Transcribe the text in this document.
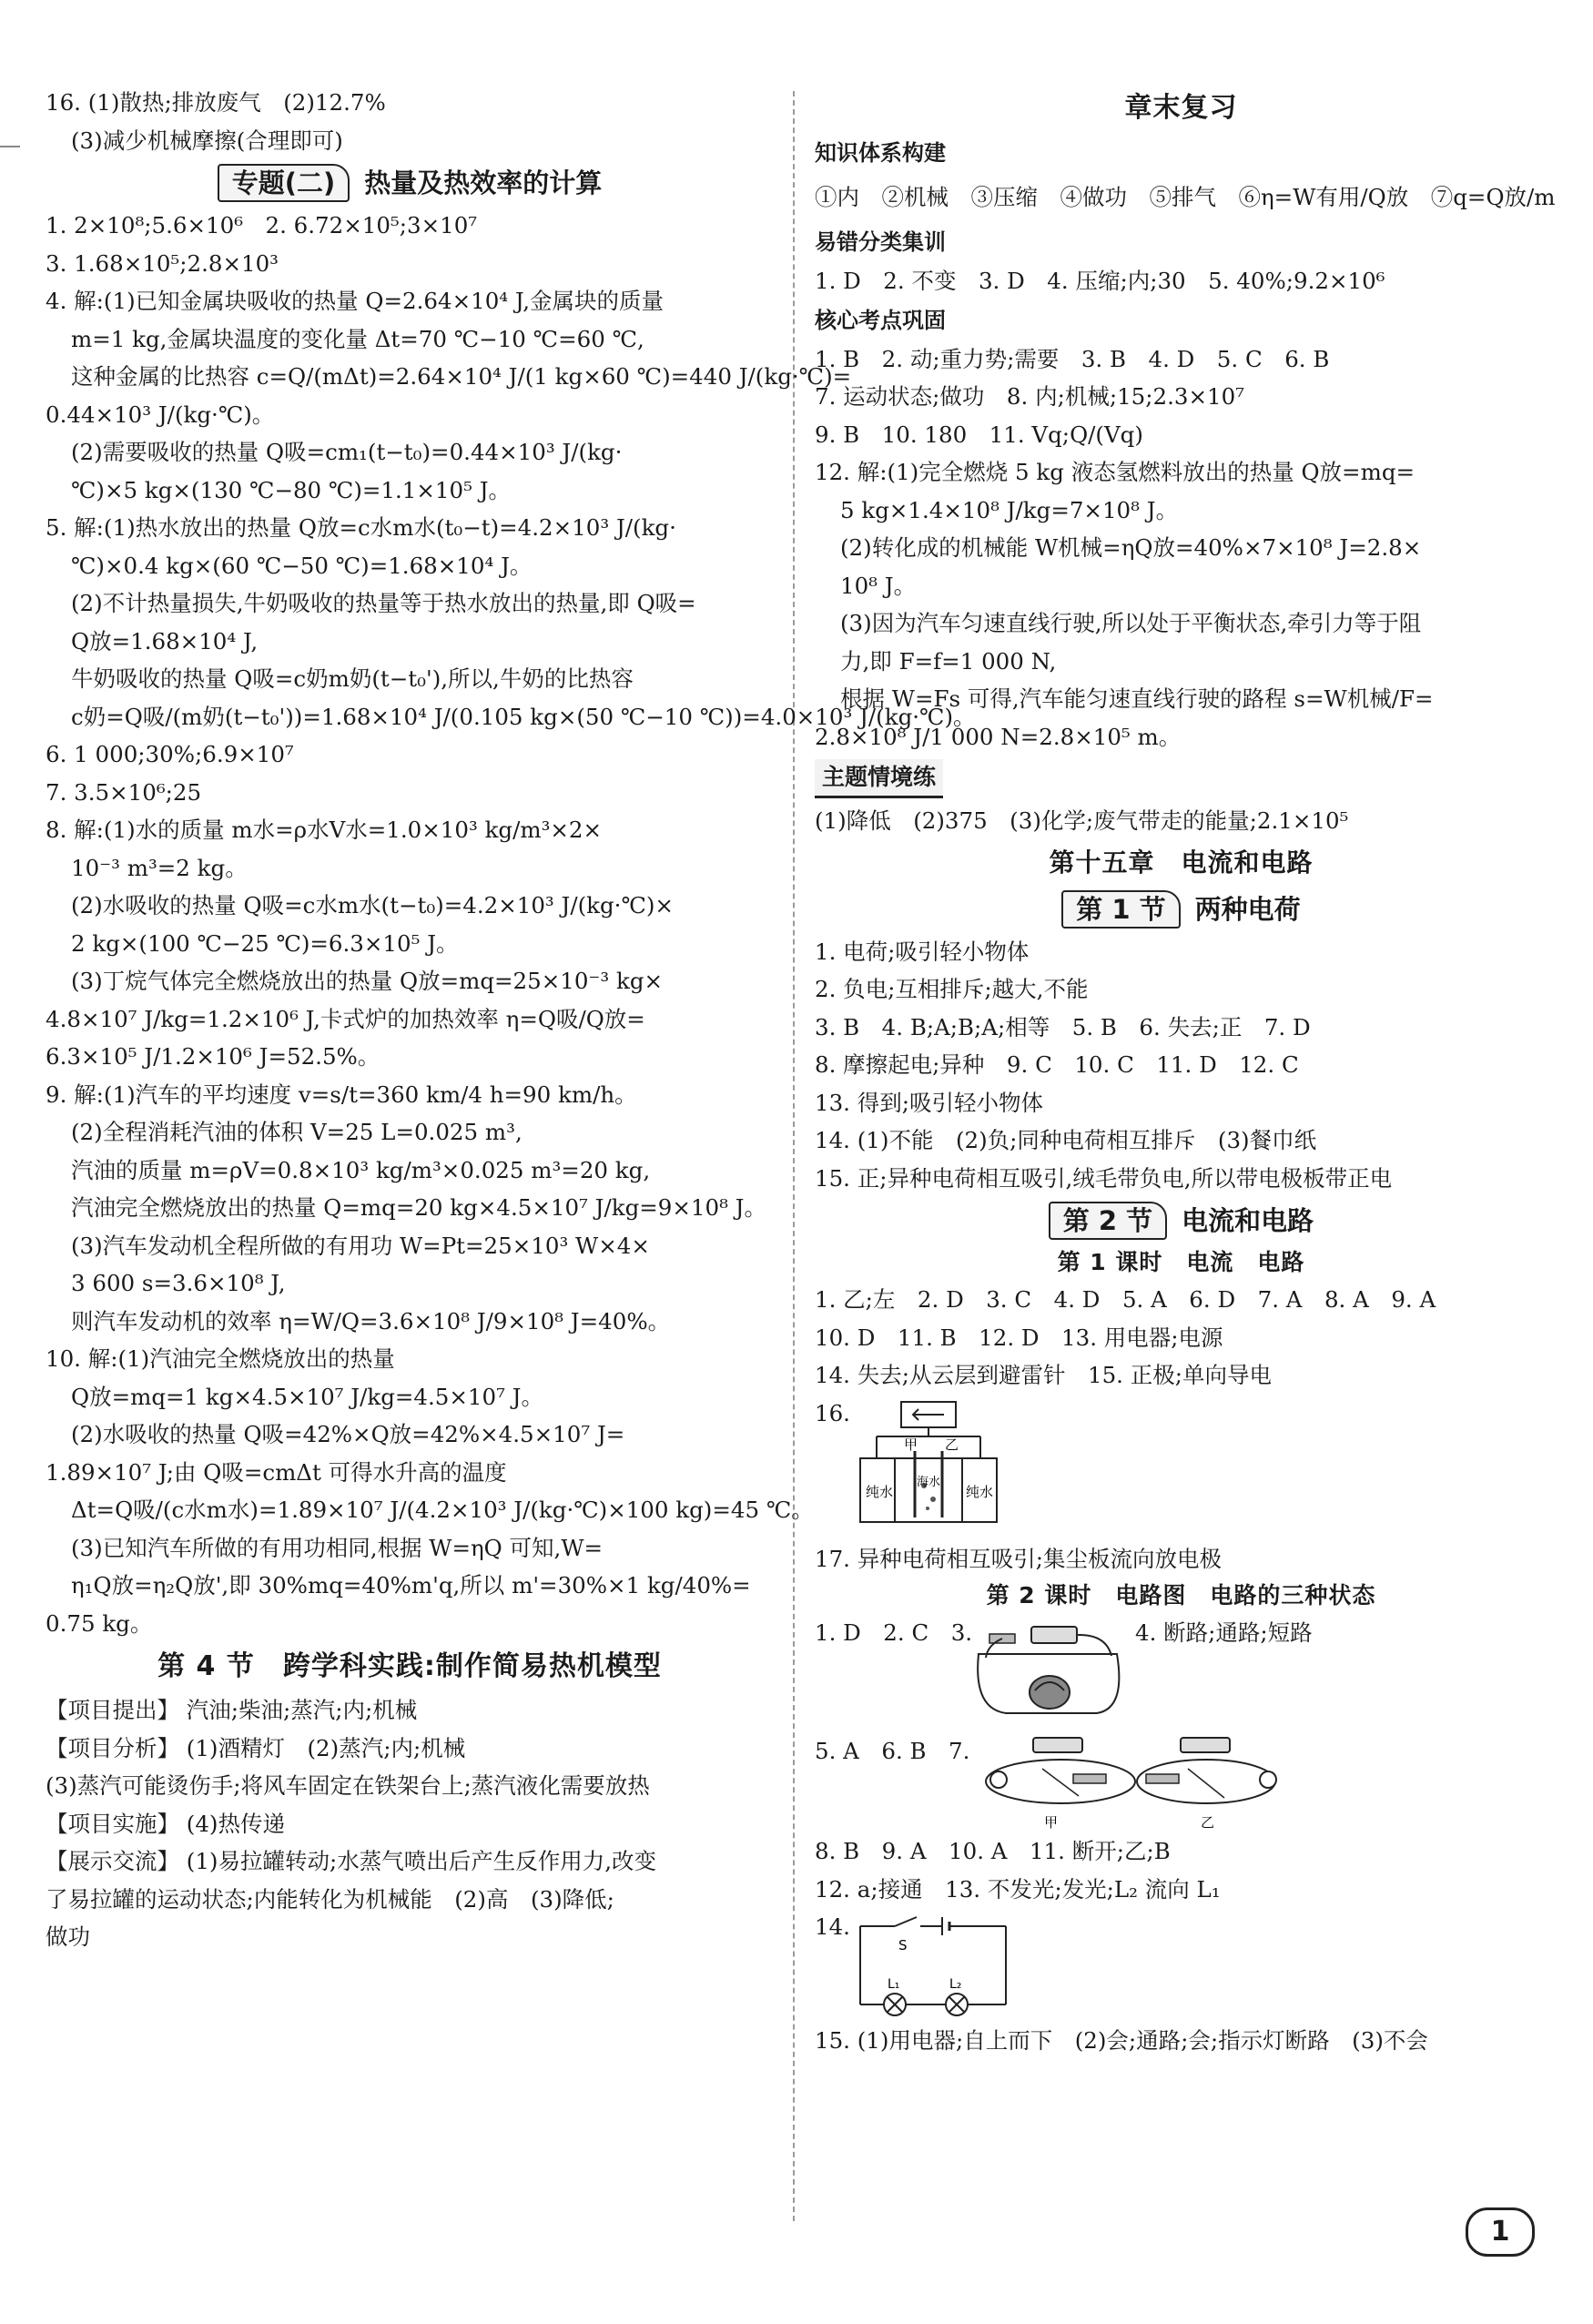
16. (1)散热;排放废气　(2)12.7%
(3)减少机械摩擦(合理即可)
专题(二) 热量及热效率的计算
1. 2×10⁸;5.6×10⁶　2. 6.72×10⁵;3×10⁷
3. 1.68×10⁵;2.8×10³
4. 解:(1)已知金属块吸收的热量 Q=2.64×10⁴ J,金属块的质量
m=1 kg,金属块温度的变化量 Δt=70 ℃−10 ℃=60 ℃,
这种金属的比热容 c=Q/(mΔt)=2.64×10⁴ J/(1 kg×60 ℃)=440 J/(kg·℃)=
0.44×10³ J/(kg·℃)。
(2)需要吸收的热量 Q吸=cm₁(t−t₀)=0.44×10³ J/(kg·
℃)×5 kg×(130 ℃−80 ℃)=1.1×10⁵ J。
5. 解:(1)热水放出的热量 Q放=c水m水(t₀−t)=4.2×10³ J/(kg·
℃)×0.4 kg×(60 ℃−50 ℃)=1.68×10⁴ J。
(2)不计热量损失,牛奶吸收的热量等于热水放出的热量,即 Q吸=
Q放=1.68×10⁴ J,
牛奶吸收的热量 Q吸=c奶m奶(t−t₀'),所以,牛奶的比热容
c奶=Q吸/(m奶(t−t₀'))=1.68×10⁴ J/(0.105 kg×(50 ℃−10 ℃))=4.0×10³ J/(kg·℃)。
6. 1 000;30%;6.9×10⁷
7. 3.5×10⁶;25
8. 解:(1)水的质量 m水=ρ水V水=1.0×10³ kg/m³×2×
10⁻³ m³=2 kg。
(2)水吸收的热量 Q吸=c水m水(t−t₀)=4.2×10³ J/(kg·℃)×
2 kg×(100 ℃−25 ℃)=6.3×10⁵ J。
(3)丁烷气体完全燃烧放出的热量 Q放=mq=25×10⁻³ kg×
4.8×10⁷ J/kg=1.2×10⁶ J,卡式炉的加热效率 η=Q吸/Q放=
6.3×10⁵ J/1.2×10⁶ J=52.5%。
9. 解:(1)汽车的平均速度 v=s/t=360 km/4 h=90 km/h。
(2)全程消耗汽油的体积 V=25 L=0.025 m³,
汽油的质量 m=ρV=0.8×10³ kg/m³×0.025 m³=20 kg,
汽油完全燃烧放出的热量 Q=mq=20 kg×4.5×10⁷ J/kg=9×10⁸ J。
(3)汽车发动机全程所做的有用功 W=Pt=25×10³ W×4×
3 600 s=3.6×10⁸ J,
则汽车发动机的效率 η=W/Q=3.6×10⁸ J/9×10⁸ J=40%。
10. 解:(1)汽油完全燃烧放出的热量
Q放=mq=1 kg×4.5×10⁷ J/kg=4.5×10⁷ J。
(2)水吸收的热量 Q吸=42%×Q放=42%×4.5×10⁷ J=
1.89×10⁷ J;由 Q吸=cmΔt 可得水升高的温度
Δt=Q吸/(c水m水)=1.89×10⁷ J/(4.2×10³ J/(kg·℃)×100 kg)=45 ℃。
(3)已知汽车所做的有用功相同,根据 W=ηQ 可知,W=
η₁Q放=η₂Q放',即 30%mq=40%m'q,所以 m'=30%×1 kg/40%=
0.75 kg。
第 4 节　跨学科实践:制作简易热机模型
【项目提出】 汽油;柴油;蒸汽;内;机械
【项目分析】 (1)酒精灯　(2)蒸汽;内;机械
(3)蒸汽可能烫伤手;将风车固定在铁架台上;蒸汽液化需要放热
【项目实施】 (4)热传递
【展示交流】 (1)易拉罐转动;水蒸气喷出后产生反作用力,改变
了易拉罐的运动状态;内能转化为机械能　(2)高　(3)降低;
做功
章末复习
知识体系构建
①内　②机械　③压缩　④做功　⑤排气　⑥η=W有用/Q放　⑦q=Q放/m
易错分类集训
1. D　2. 不变　3. D　4. 压缩;内;30　5. 40%;9.2×10⁶
核心考点巩固
1. B　2. 动;重力势;需要　3. B　4. D　5. C　6. B
7. 运动状态;做功　8. 内;机械;15;2.3×10⁷
9. B　10. 180　11. Vq;Q/(Vq)
12. 解:(1)完全燃烧 5 kg 液态氢燃料放出的热量 Q放=mq=
5 kg×1.4×10⁸ J/kg=7×10⁸ J。
(2)转化成的机械能 W机械=ηQ放=40%×7×10⁸ J=2.8×
10⁸ J。
(3)因为汽车匀速直线行驶,所以处于平衡状态,牵引力等于阻
力,即 F=f=1 000 N,
根据 W=Fs 可得,汽车能匀速直线行驶的路程 s=W机械/F=
2.8×10⁸ J/1 000 N=2.8×10⁵ m。
主题情境练
(1)降低　(2)375　(3)化学;废气带走的能量;2.1×10⁵
第十五章　电流和电路
第 1 节 两种电荷
1. 电荷;吸引轻小物体
2. 负电;互相排斥;越大,不能
3. B　4. B;A;B;A;相等　5. B　6. 失去;正　7. D
8. 摩擦起电;异种　9. C　10. C　11. D　12. C
13. 得到;吸引轻小物体
14. (1)不能　(2)负;同种电荷相互排斥　(3)餐巾纸
15. 正;异种电荷相互吸引,绒毛带负电,所以带电极板带正电
第 2 节 电流和电路
第 1 课时　电流　电路
1. 乙;左　2. D　3. C　4. D　5. A　6. D　7. A　8. A　9. A
10. D　11. B　12. D　13. 用电器;电源
14. 失去;从云层到避雷针　15. 正极;单向导电
16.
甲 乙
纯水
海水
纯水
17. 异种电荷相互吸引;集尘板流向放电极
第 2 课时　电路图　电路的三种状态
1. D　2. C　3.	4. 断路;通路;短路
5. A　6. B　7.
甲	乙
8. B　9. A　10. A　11. 断开;乙;B
12. a;接通　13. 不发光;发光;L₂ 流向 L₁
14.
S
L₁	L₂
15. (1)用电器;自上而下　(2)会;通路;会;指示灯断路　(3)不会
1
